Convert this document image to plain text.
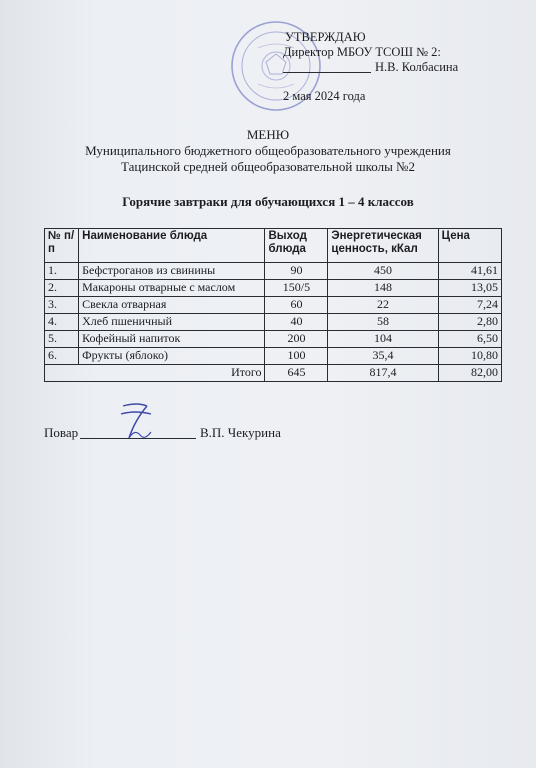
УТВЕРЖДАЮ
Директор МБОУ ТСОШ № 2:
Н.В. Колбасина
2 мая 2024 года
МЕНЮ
Муниципального бюджетного общеобразовательного учреждения
Тацинской средней общеобразовательной школы №2
Горячие завтраки для обучающихся 1 – 4 классов
№ п/п	Наименование блюда	Выход блюда	Энергетическая ценность, кКал	Цена
1.	Бефстроганов из свинины	90	450	41,61
2.	Макароны отварные с маслом	150/5	148	13,05
3.	Свекла отварная	60	22	7,24
4.	Хлеб пшеничный	40	58	2,80
5.	Кофейный напиток	200	104	6,50
6.	Фрукты (яблоко)	100	35,4	10,80
Итого		645	817,4	82,00
Повар	В.П. Чекурина
